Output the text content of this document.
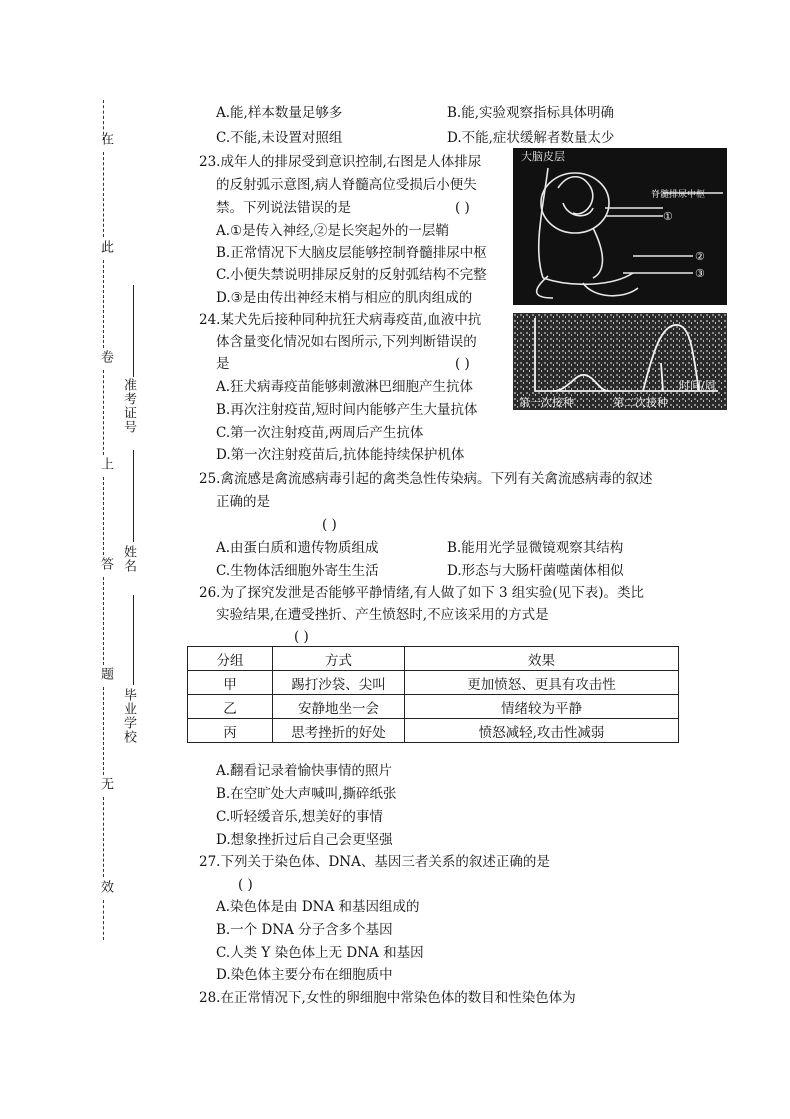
在
此
卷
上
答
题
无
效
准考证号
姓名
毕业学校
A.能,样本数量足够多	B.能,实验观察指标具体明确
C.不能,未设置对照组	D.不能,症状缓解者数量太少
23.成年人的排尿受到意识控制,右图是人体排尿
的反射弧示意图,病人脊髓高位受损后小便失
禁。下列说法错误的是	( )
A.①是传入神经,②是长突起外的一层鞘
B.正常情况下大脑皮层能够控制脊髓排尿中枢
C.小便失禁说明排尿反射的反射弧结构不完整
D.③是由传出神经末梢与相应的肌肉组成的
大脑皮层
脊髓排尿中枢
①
②
③
24.某犬先后接种同种抗狂犬病毒疫苗,血液中抗
体含量变化情况如右图所示,下列判断错误的
是	( )
A.狂犬病毒疫苗能够刺激淋巴细胞产生抗体
B.再次注射疫苗,短时间内能够产生大量抗体
C.第一次注射疫苗,两周后产生抗体
D.第一次注射疫苗后,抗体能持续保护机体
时间/周
第一次接种	第二次接种
25.禽流感是禽流感病毒引起的禽类急性传染病。下列有关禽流感病毒的叙述
正确的是
( )
A.由蛋白质和遗传物质组成	B.能用光学显微镜观察其结构
C.生物体活细胞外寄生生活	D.形态与大肠杆菌噬菌体相似
26.为了探究发泄是否能够平静情绪,有人做了如下 3 组实验(见下表)。类比
实验结果,在遭受挫折、产生愤怒时,不应该采用的方式是
( )
分组	方式	效果
甲	踢打沙袋、尖叫	更加愤怒、更具有攻击性
乙	安静地坐一会	情绪较为平静
丙	思考挫折的好处	愤怒减轻,攻击性减弱
A.翻看记录着愉快事情的照片
B.在空旷处大声喊叫,撕碎纸张
C.听轻缓音乐,想美好的事情
D.想象挫折过后自己会更坚强
27.下列关于染色体、DNA、基因三者关系的叙述正确的是
( )
A.染色体是由 DNA 和基因组成的
B.一个 DNA 分子含多个基因
C.人类 Y 染色体上无 DNA 和基因
D.染色体主要分布在细胞质中
28.在正常情况下,女性的卵细胞中常染色体的数目和性染色体为
